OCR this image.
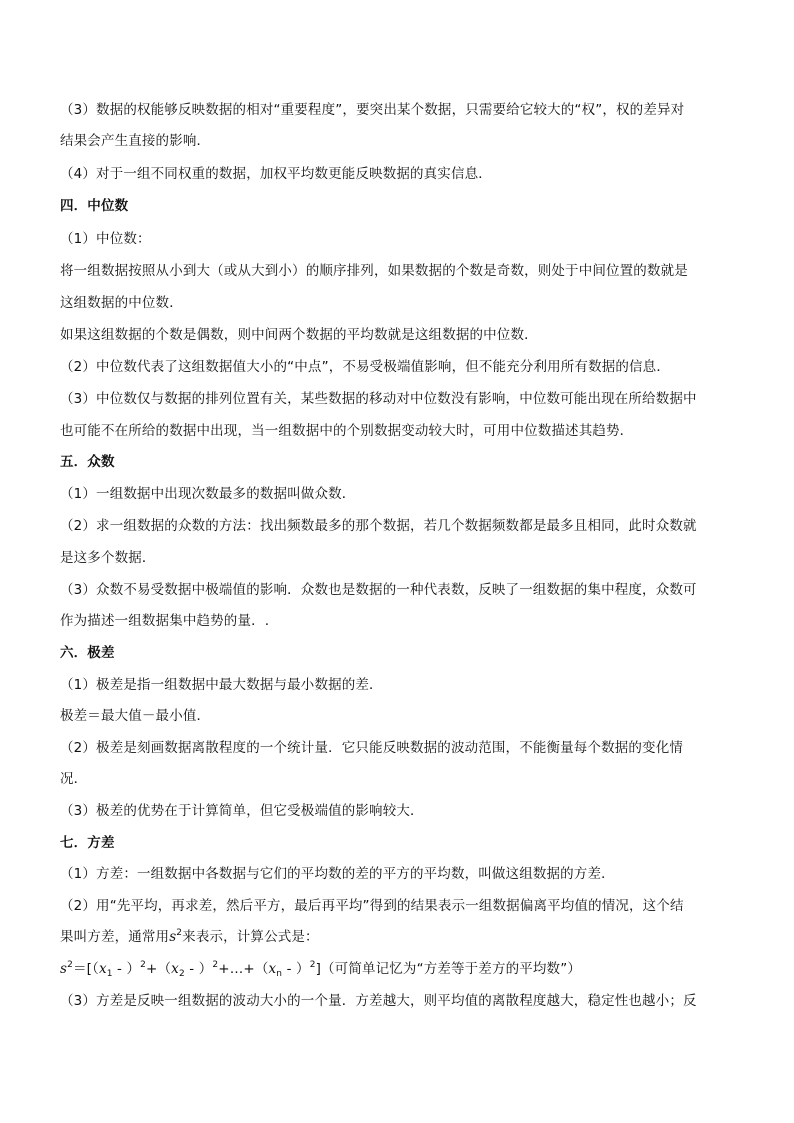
（3）数据的权能够反映数据的相对“重要程度”，要突出某个数据，只需要给它较大的“权”，权的差异对
结果会产生直接的影响．
（4）对于一组不同权重的数据，加权平均数更能反映数据的真实信息．
四．中位数
（1）中位数：
将一组数据按照从小到大（或从大到小）的顺序排列，如果数据的个数是奇数，则处于中间位置的数就是
这组数据的中位数．
如果这组数据的个数是偶数，则中间两个数据的平均数就是这组数据的中位数．
（2）中位数代表了这组数据值大小的“中点”，不易受极端值影响，但不能充分利用所有数据的信息．
（3）中位数仅与数据的排列位置有关，某些数据的移动对中位数没有影响，中位数可能出现在所给数据中
也可能不在所给的数据中出现，当一组数据中的个别数据变动较大时，可用中位数描述其趋势．
五．众数
（1）一组数据中出现次数最多的数据叫做众数．
（2）求一组数据的众数的方法：找出频数最多的那个数据，若几个数据频数都是最多且相同，此时众数就
是这多个数据．
（3）众数不易受数据中极端值的影响．众数也是数据的一种代表数，反映了一组数据的集中程度，众数可
作为描述一组数据集中趋势的量．.
六．极差
（1）极差是指一组数据中最大数据与最小数据的差．
极差＝最大值－最小值．
（2）极差是刻画数据离散程度的一个统计量．它只能反映数据的波动范围，不能衡量每个数据的变化情
况．
（3）极差的优势在于计算简单，但它受极端值的影响较大．
七．方差
（1）方差：一组数据中各数据与它们的平均数的差的平方的平均数，叫做这组数据的方差．
（2）用“先平均，再求差，然后平方，最后再平均”得到的结果表示一组数据偏离平均值的情况，这个结
果叫方差，通常用$s^2$来表示，计算公式是：
$s^2=[(x_1 - )^2+(x_2$ - ）$^2+\dots+(x_n - )^2$]（可简单记忆为“方差等于差方的平均数”）
（3）方差是反映一组数据的波动大小的一个量．方差越大，则平均值的离散程度越大，稳定性也越小；反
